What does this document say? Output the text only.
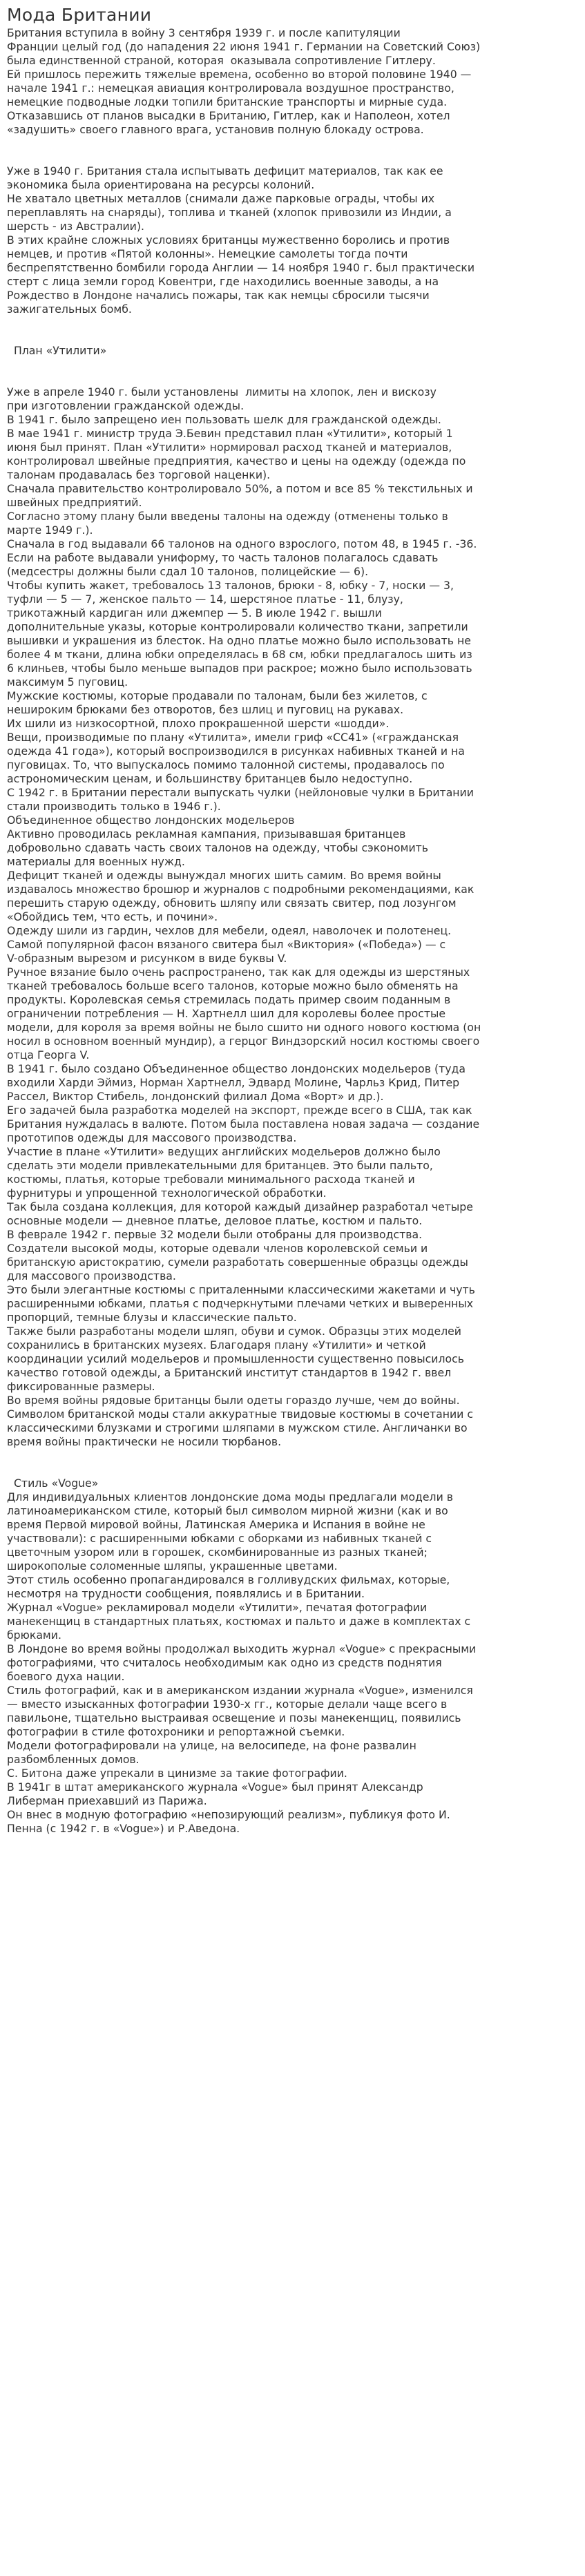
Мода Британии
Британия вступила в войну 3 сентября 1939 г. и после капитуляции
Франции целый год (до нападения 22 июня 1941 г. Германии на Советский Союз)
была единственной страной, которая  оказывала сопротивление Гитлеру.
Ей пришлось пережить тяжелые времена, особенно во второй половине 1940 —
начале 1941 г.: немецкая авиация контролировала воздушное пространство,
немецкие подводные лодки топили британские транспорты и мирные суда.
Отказавшись от планов высадки в Британию, Гитлер, как и Наполеон, хотел
«задушить» своего главного врага, установив полную блокаду острова.
Уже в 1940 г. Британия стала испытывать дефицит материалов, так как ее
экономика была ориентирована на ресурсы колоний.
Не хватало цветных металлов (снимали даже парковые ограды, чтобы их
переплавлять на снаряды), топлива и тканей (хлопок привозили из Индии, а
шерсть - из Австралии).
В этих крайне сложных условиях британцы мужественно боролись и против
немцев, и против «Пятой колонны». Немецкие самолеты тогда почти
беспрепятственно бомбили города Англии — 14 ноября 1940 г. был практически
стерт с лица земли город Ковентри, где находились военные заводы, а на
Рождество в Лондоне начались пожары, так как немцы сбросили тысячи
зажигательных бомб.
План «Утилити»
Уже в апреле 1940 г. были установлены  лимиты на хлопок, лен и вискозу
при изготовлении гражданской одежды.
В 1941 г. было запрещено иен пользовать шелк для гражданской одежды.
В мае 1941 г. министр труда Э.Бевин представил план «Утилити», который 1
июня был принят. План «Утилити» нормировал расход тканей и материалов,
контролировал швейные предприятия, качество и цены на одежду (одежда по
талонам продавалась без торговой наценки).
Сначала правительство контролировало 50%, а потом и все 85 % текстильных и
швейных предприятий.
Согласно этому плану были введены талоны на одежду (отменены только в
марте 1949 г.).
Сначала в год выдавали 66 талонов на одного взрослого, потом 48, в 1945 г. -36.
Если на работе выдавали униформу, то часть талонов полагалось сдавать
(медсестры должны были сдал 10 талонов, полицейские — 6).
Чтобы купить жакет, требовалось 13 талонов, брюки - 8, юбку - 7, носки — 3,
туфли — 5 — 7, женское пальто — 14, шерстяное платье - 11, блузу,
трикотажный кардиган или джемпер — 5. В июле 1942 г. вышли
дополнительные указы, которые контролировали количество ткани, запретили
вышивки и украшения из блесток. На одно платье можно было использовать не
более 4 м ткани, длина юбки определялась в 68 см, юбки предлагалось шить из
6 клиньев, чтобы было меньше выпадов при раскрое; можно было использовать
максимум 5 пуговиц.
Мужские костюмы, которые продавали по талонам, были без жилетов, с
нешироким брюками без отворотов, без шлиц и пуговиц на рукавах.
Их шили из низкосортной, плохо прокрашенной шерсти «шодди».
Вещи, производимые по плану «Утилита», имели гриф «CC41» («гражданская
одежда 41 года»), который воспроизводился в рисунках набивных тканей и на
пуговицах. То, что выпускалось помимо талонной системы, продавалось по
астрономическим ценам, и большинству британцев было недоступно.
С 1942 г. в Британии перестали выпускать чулки (нейлоновые чулки в Британии
стали производить только в 1946 г.).
Объединенное общество лондонских модельеров
Активно проводилась рекламная кампания, призывавшая британцев
добровольно сдавать часть своих талонов на одежду, чтобы сэкономить
материалы для военных нужд.
Дефицит тканей и одежды вынуждал многих шить самим. Во время войны
издавалось множество брошюр и журналов с подробными рекомендациями, как
перешить старую одежду, обновить шляпу или связать свитер, под лозунгом
«Обойдись тем, что есть, и почини».
Одежду шили из гардин, чехлов для мебели, одеял, наволочек и полотенец.
Самой популярной фасон вязаного свитера был «Виктория» («Победа») — с
V-образным вырезом и рисунком в виде буквы V.
Ручное вязание было очень распространено, так как для одежды из шерстяных
тканей требовалось больше всего талонов, которые можно было обменять на
продукты. Королевская семья стремилась подать пример своим поданным в
ограничении потребления — Н. Хартнелл шил для королевы более простые
модели, для короля за время войны не было сшито ни одного нового костюма (он
носил в основном военный мундир), а герцог Виндзорский носил костюмы своего
отца Георга V.
В 1941 г. было создано Объединенное общество лондонских модельеров (туда
входили Харди Эймиз, Норман Хартнелл, Эдвард Молине, Чарльз Крид, Питер
Рассел, Виктор Стибель, лондонский филиал Дома «Ворт» и др.).
Его задачей была разработка моделей на экспорт, прежде всего в США, так как
Британия нуждалась в валюте. Потом была поставлена новая задача — создание
прототипов одежды для массового производства.
Участие в плане «Утилити» ведущих английских модельеров должно было
сделать эти модели привлекательными для британцев. Это были пальто,
костюмы, платья, которые требовали минимального расхода тканей и
фурнитуры и упрощенной технологической обработки.
Так была создана коллекция, для которой каждый дизайнер разработал четыре
основные модели — дневное платье, деловое платье, костюм и пальто.
В феврале 1942 г. первые 32 модели были отобраны для производства.
Создатели высокой моды, которые одевали членов королевской семьи и
британскую аристократию, сумели разработать совершенные образцы одежды
для массового производства.
Это были элегантные костюмы с приталенными классическими жакетами и чуть
расширенными юбками, платья с подчеркнутыми плечами четких и выверенных
пропорций, темные блузы и классические пальто.
Также были разработаны модели шляп, обуви и сумок. Образцы этих моделей
сохранились в британских музеях. Благодаря плану «Утилити» и четкой
координации усилий модельеров и промышленности существенно повысилось
качество готовой одежды, а Британский институт стандартов в 1942 г. ввел
фиксированные размеры.
Во время войны рядовые британцы были одеты гораздо лучше, чем до войны.
Символом британской моды стали аккуратные твидовые костюмы в сочетании с
классическими блузками и строгими шляпами в мужском стиле. Англичанки во
время войны практически не носили тюрбанов.
Стиль «Vogue»
Для индивидуальных клиентов лондонские дома моды предлагали модели в
латиноамериканском стиле, который был символом мирной жизни (как и во
время Первой мировой войны, Латинская Америка и Испания в войне не
участвовали): с расширенными юбками с оборками из набивных тканей с
цветочным узором или в горошек, скомбинированные из разных тканей;
широкополые соломенные шляпы, украшенные цветами.
Этот стиль особенно пропагандировался в голливудских фильмах, которые,
несмотря на трудности сообщения, появлялись и в Британии.
Журнал «Vogue» рекламировал модели «Утилити», печатая фотографии
манекенщиц в стандартных платьях, костюмах и пальто и даже в комплектах с
брюками.
В Лондоне во время войны продолжал выходить журнал «Vogue» с прекрасными
фотографиями, что считалось необходимым как одно из средств поднятия
боевого духа нации.
Стиль фотографий, как и в американском издании журнала «Vogue», изменился
— вместо изысканных фотографии 1930-х гг., которые делали чаще всего в
павильоне, тщательно выстраивая освещение и позы манекенщиц, появились
фотографии в стиле фотохроники и репортажной съемки.
Модели фотографировали на улице, на велосипеде, на фоне развалин
разбомбленных домов.
С. Битона даже упрекали в цинизме за такие фотографии.
В 1941г в штат американского журнала «Vogue» был принят Александр
Либерман приехавший из Парижа.
Он внес в модную фотографию «непозирующий реализм», публикуя фото И.
Пенна (с 1942 г. в «Vogue») и Р.Аведона.
